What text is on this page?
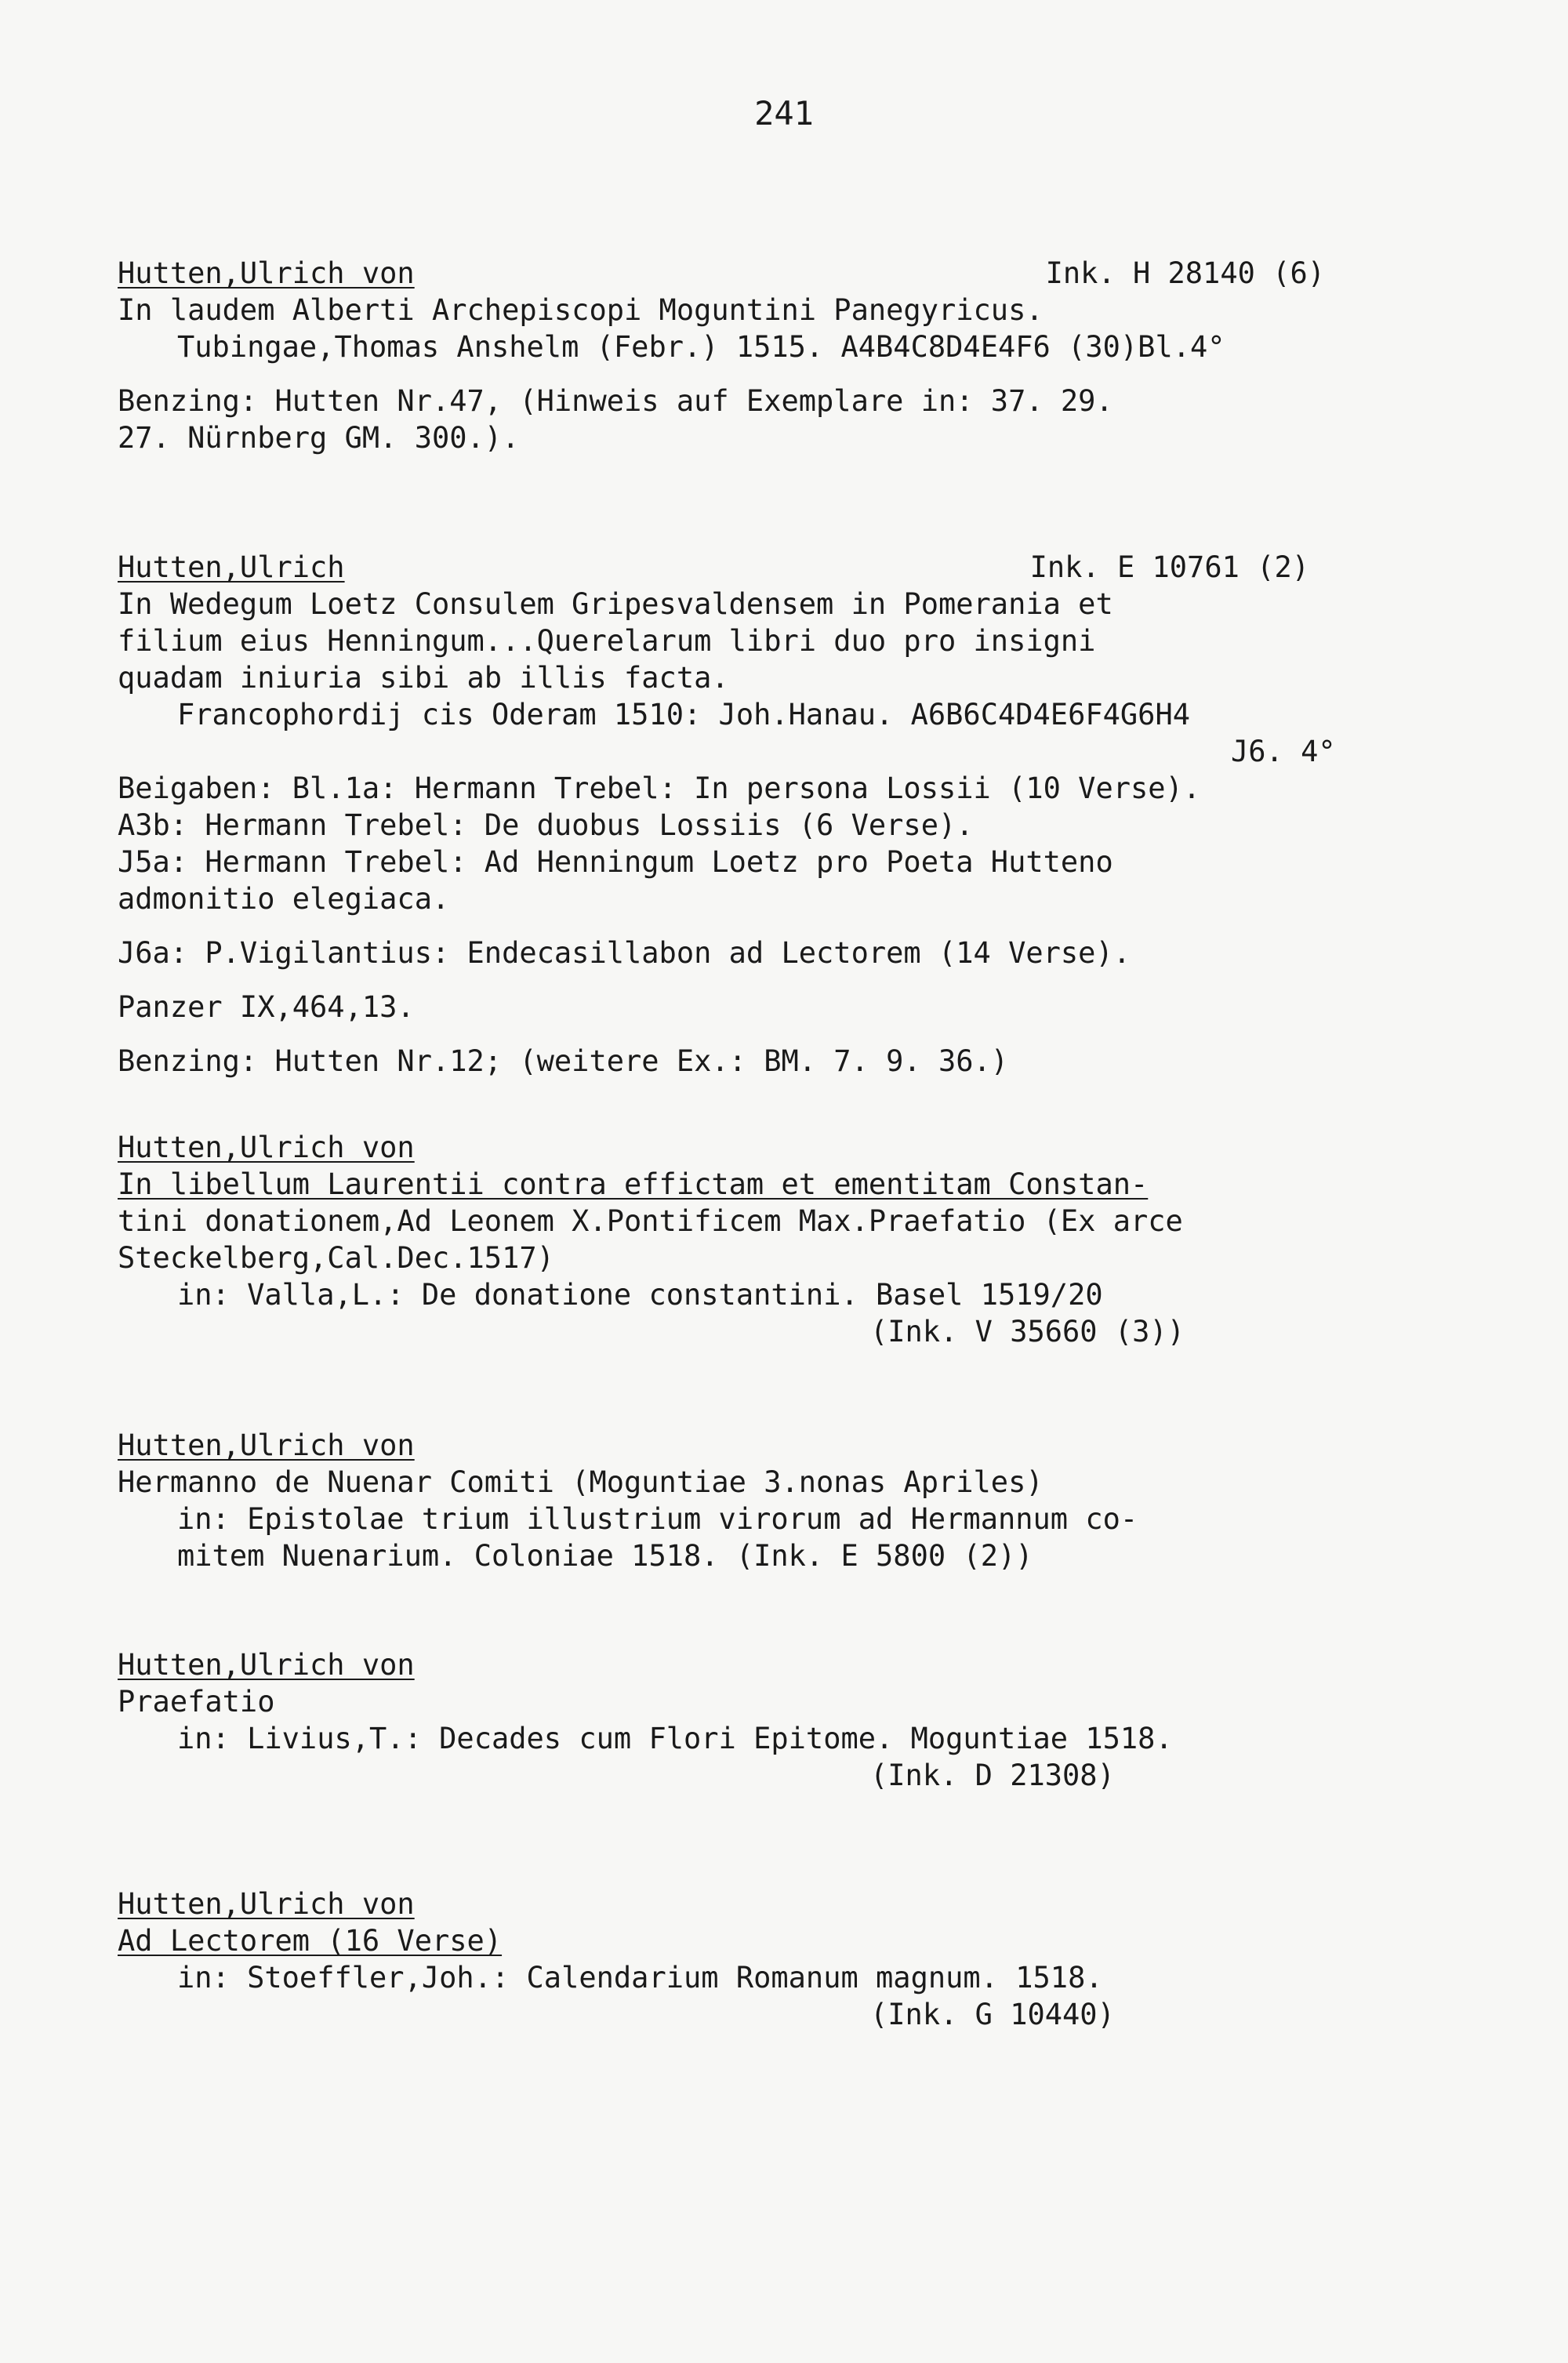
241
Hutten,Ulrich von	Ink. H 28140 (6)
In laudem Alberti Archepiscopi Moguntini Panegyricus.
Tubingae,Thomas Anshelm (Febr.) 1515. A4B4C8D4E4F6 (30)Bl.4°
Benzing: Hutten Nr.47, (Hinweis auf Exemplare in: 37. 29.
27. Nürnberg GM. 300.).
Hutten,Ulrich	Ink. E 10761 (2)
In Wedegum Loetz Consulem Gripesvaldensem in Pomerania et
filium eius Henningum...Querelarum libri duo pro insigni
quadam iniuria sibi ab illis facta.
Francophordij cis Oderam 1510: Joh.Hanau. A6B6C4D4E6F4G6H4
J6. 4°
Beigaben: Bl.1a: Hermann Trebel: In persona Lossii (10 Verse).
A3b: Hermann Trebel: De duobus Lossiis (6 Verse).
J5a: Hermann Trebel: Ad Henningum Loetz pro Poeta Hutteno
admonitio elegiaca.
J6a: P.Vigilantius: Endecasillabon ad Lectorem (14 Verse).
Panzer IX,464,13.
Benzing: Hutten Nr.12; (weitere Ex.: BM. 7. 9. 36.)
Hutten,Ulrich von
In libellum Laurentii contra effictam et ementitam Constan-
tini donationem,Ad Leonem X.Pontificem Max.Praefatio (Ex arce
Steckelberg,Cal.Dec.1517)
in: Valla,L.: De donatione constantini. Basel 1519/20
(Ink. V 35660 (3))
Hutten,Ulrich von
Hermanno de Nuenar Comiti (Moguntiae 3.nonas Apriles)
in: Epistolae trium illustrium virorum ad Hermannum co-
mitem Nuenarium. Coloniae 1518. (Ink. E 5800 (2))
Hutten,Ulrich von
Praefatio
in: Livius,T.: Decades cum Flori Epitome. Moguntiae 1518.
(Ink. D 21308)
Hutten,Ulrich von
Ad Lectorem (16 Verse)
in: Stoeffler,Joh.: Calendarium Romanum magnum. 1518.
(Ink. G 10440)
